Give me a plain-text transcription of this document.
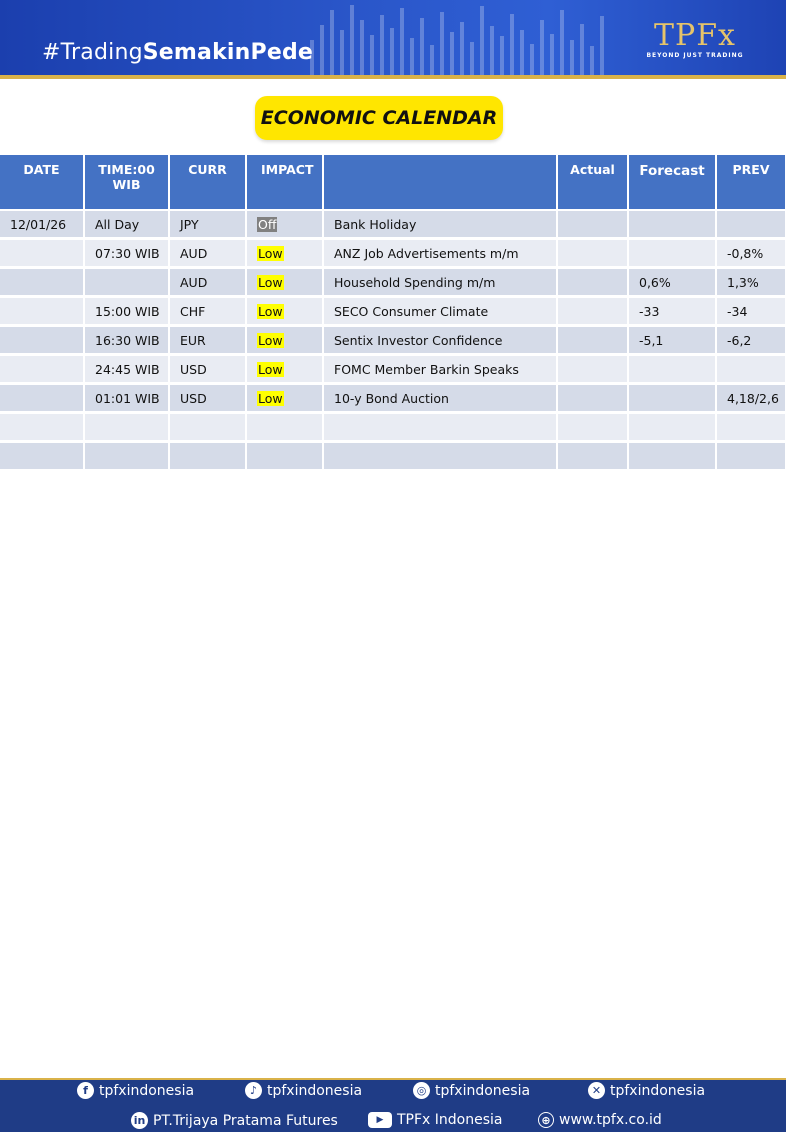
#TradingSemakinPede	TPFx
BEYOND JUST TRADING
ECONOMIC CALENDAR
DATE	TIME:00 WIB	CURR	IMPACT		Actual	Forecast	PREV
12/01/26	All Day	JPY	Off	Bank Holiday			
	07:30 WIB	AUD	Low	ANZ Job Advertisements m/m			-0,8%
		AUD	Low	Household Spending m/m		0,6%	1,3%
	15:00 WIB	CHF	Low	SECO Consumer Climate		-33	-34
	16:30 WIB	EUR	Low	Sentix Investor Confidence		-5,1	-6,2
	24:45 WIB	USD	Low	FOMC Member Barkin Speaks			
	01:01 WIB	USD	Low	10-y Bond Auction			4,18/2,6

f tpfxindonesia	♪ tpfxindonesia	◎ tpfxindonesia	✕ tpfxindonesia
in PT.Trijaya Pratama Futures	▶ TPFx Indonesia	⊕ www.tpfx.co.id
